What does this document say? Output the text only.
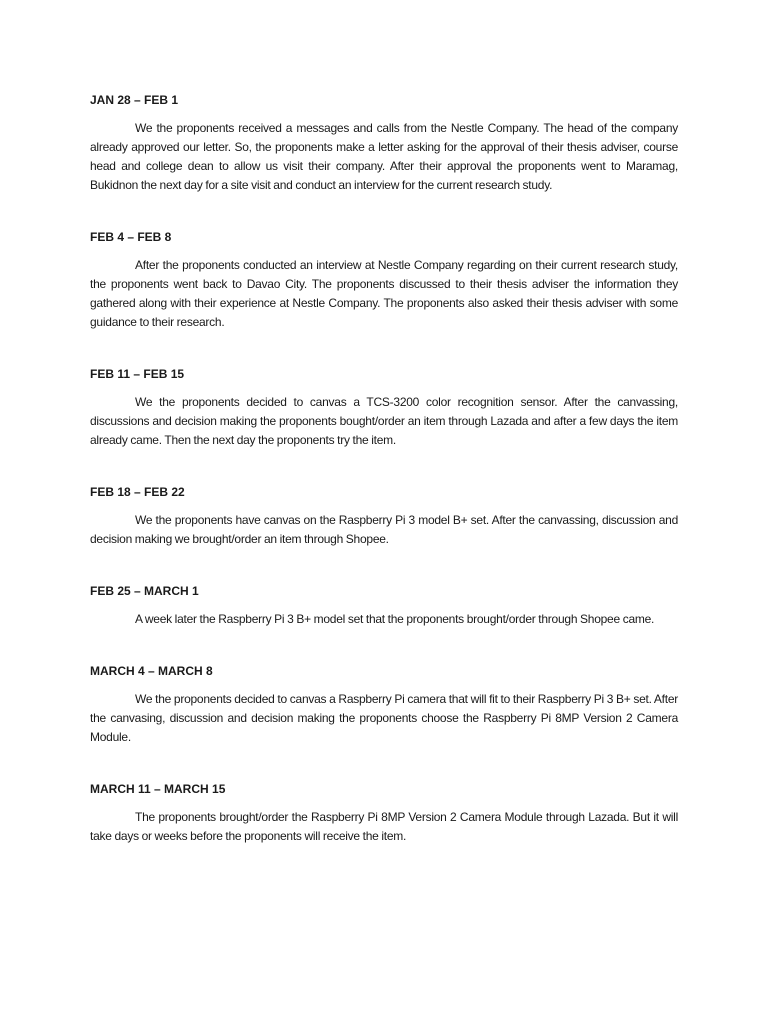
JAN 28 – FEB 1

We the proponents received a messages and calls from the Nestle Company. The head of the company already approved our letter. So, the proponents make a letter asking for the approval of their thesis adviser, course head and college dean to allow us visit their company. After their approval the proponents went to Maramag, Bukidnon the next day for a site visit and conduct an interview for the current research study.

FEB 4 – FEB 8

After the proponents conducted an interview at Nestle Company regarding on their current research study, the proponents went back to Davao City. The proponents discussed to their thesis adviser the information they gathered along with their experience at Nestle Company. The proponents also asked their thesis adviser with some guidance to their research.

FEB 11 – FEB 15

We the proponents decided to canvas a TCS-3200 color recognition sensor. After the canvassing, discussions and decision making the proponents bought/order an item through Lazada and after a few days the item already came. Then the next day the proponents try the item.

FEB 18 – FEB 22

We the proponents have canvas on the Raspberry Pi 3 model B+ set. After the canvassing, discussion and decision making we brought/order an item through Shopee.

FEB 25 – MARCH 1

A week later the Raspberry Pi 3 B+ model set that the proponents brought/order through Shopee came.

MARCH 4 – MARCH 8

We the proponents decided to canvas a Raspberry Pi camera that will fit to their Raspberry Pi 3 B+ set. After the canvasing, discussion and decision making the proponents choose the Raspberry Pi 8MP Version 2 Camera Module.

MARCH 11 – MARCH 15

The proponents brought/order the Raspberry Pi 8MP Version 2 Camera Module through Lazada. But it will take days or weeks before the proponents will receive the item.
